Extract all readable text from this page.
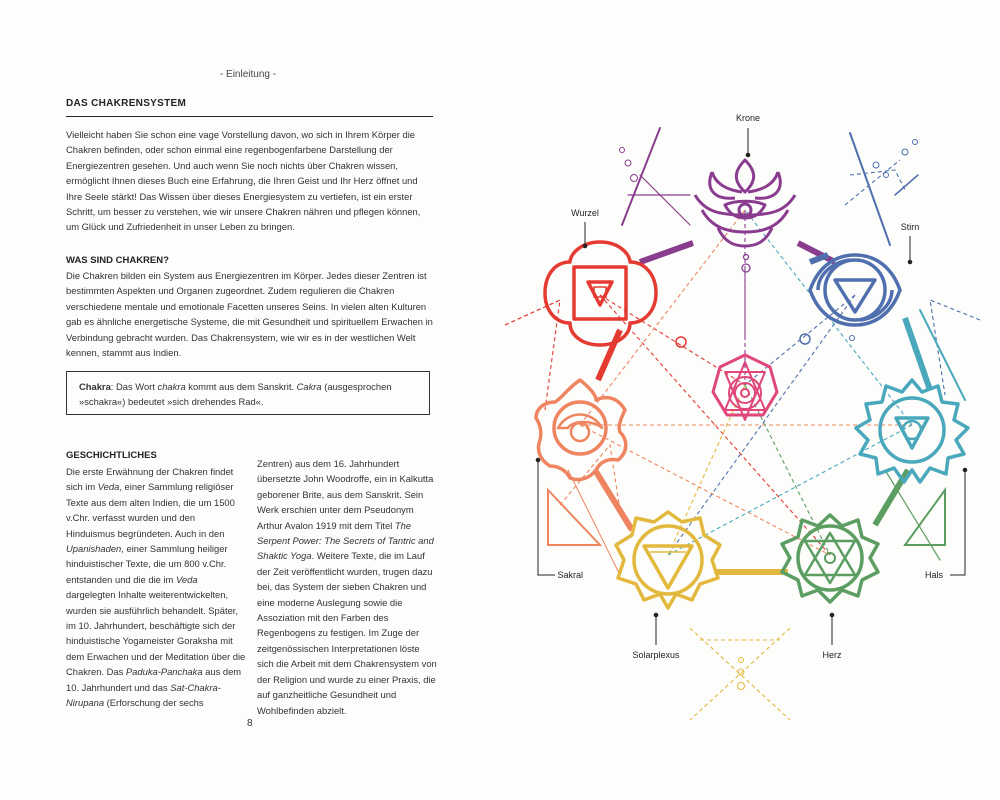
- Einleitung -
DAS CHAKRENSYSTEM
Vielleicht haben Sie schon eine vage Vorstellung davon, wo sich in Ihrem Körper die Chakren befinden, oder schon einmal eine regenbogenfarbene Darstellung der Energiezentren gesehen. Und auch wenn Sie noch nichts über Chakren wissen, ermöglicht Ihnen dieses Buch eine Erfahrung, die Ihren Geist und Ihr Herz öffnet und Ihre Seele stärkt! Das Wissen über dieses Energiesystem zu vertiefen, ist ein erster Schritt, um besser zu verstehen, wie wir unsere Chakren nähren und pflegen können, um Glück und Zufriedenheit in unser Leben zu bringen.
WAS SIND CHAKREN?
Die Chakren bilden ein System aus Energiezentren im Körper. Jedes dieser Zentren ist bestimmten Aspekten und Organen zugeordnet. Zudem regulieren die Chakren verschiedene mentale und emotionale Facetten unseres Seins. In vielen alten Kulturen gab es ähnliche energetische Systeme, die mit Gesundheit und spirituellem Erwachen in Verbindung gebracht wurden. Das Chakrensystem, wie wir es in der westlichen Welt kennen, stammt aus Indien.
Chakra: Das Wort chakra kommt aus dem Sanskrit. Cakra (ausgesprochen »schakra«) bedeutet »sich drehendes Rad«.
GESCHICHTLICHES
Die erste Erwähnung der Chakren findet sich im Veda, einer Sammlung religiöser Texte aus dem alten Indien, die um 1500 v.Chr. verfasst wurden und den Hinduismus begründeten. Auch in den Upanishaden, einer Sammlung heiliger hinduistischer Texte, die um 800 v.Chr. entstanden und die die im Veda dargelegten Inhalte weiterentwickelten, wurden sie ausführlich behandelt. Später, im 10. Jahrhundert, beschäftigte sich der hinduistische Yogameister Goraksha mit dem Erwachen und der Meditation über die Chakren. Das Paduka-Panchaka aus dem 10. Jahrhundert und das Sat-Chakra-Nirupana (Erforschung der sechs
Zentren) aus dem 16. Jahrhundert übersetzte John Woodroffe, ein in Kalkutta geborener Brite, aus dem Sanskrit. Sein Werk erschien unter dem Pseudonym Arthur Avalon 1919 mit dem Titel The Serpent Power: The Secrets of Tantric and Shaktic Yoga. Weitere Texte, die im Lauf der Zeit veröffentlicht wurden, trugen dazu bei, das System der sieben Chakren und eine moderne Auslegung sowie die Assoziation mit den Farben des Regenbogens zu festigen. Im Zuge der zeitgenössischen Interpretationen löste sich die Arbeit mit dem Chakrensystem von der Religion und wurde zu einer Praxis, die auf ganzheitliche Gesundheit und Wohlbefinden abzielt.
8
Krone
Stirn
Wurzel
Sakral	Hals
Solarplexus	Herz
